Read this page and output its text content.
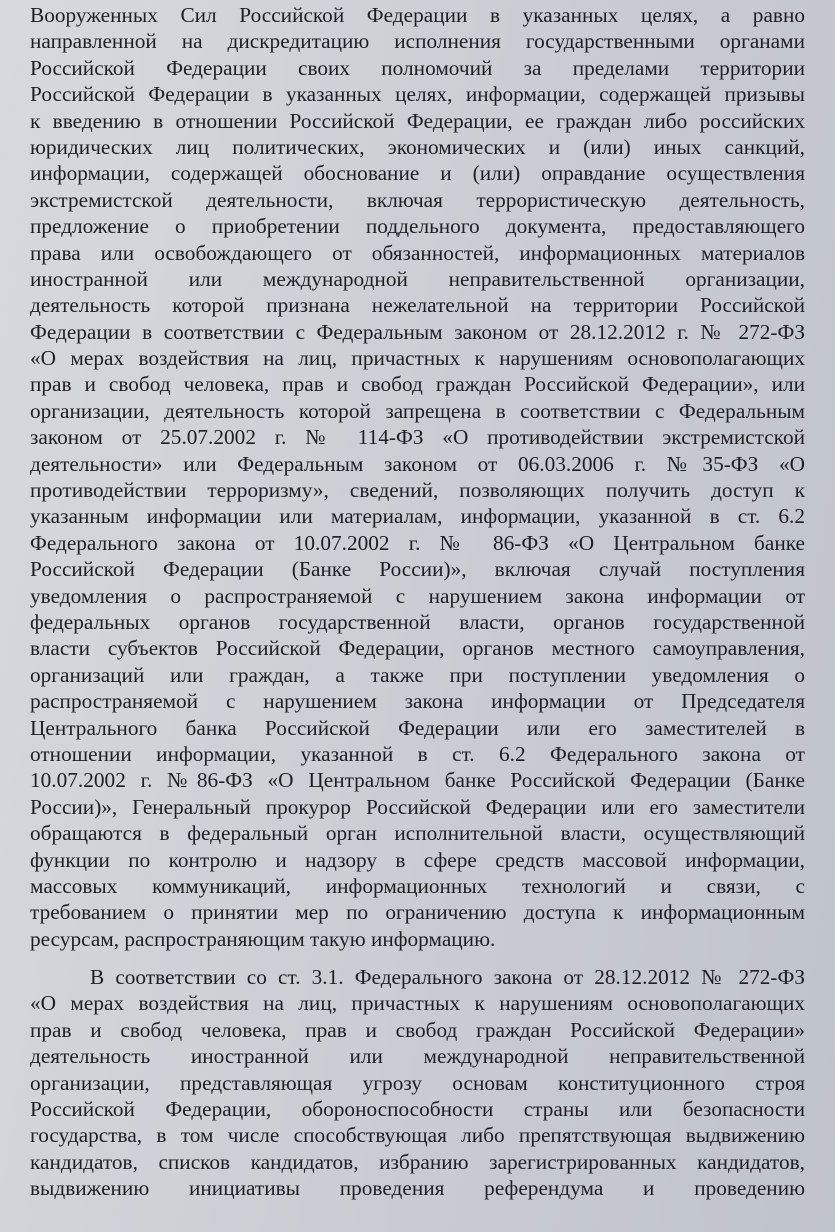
Вооруженных Сил Российской Федерации в указанных целях, а равно
направленной на дискредитацию исполнения государственными органами
Российской Федерации своих полномочий за пределами территории
Российской Федерации в указанных целях, информации, содержащей призывы
к введению в отношении Российской Федерации, ее граждан либо российских
юридических лиц политических, экономических и (или) иных санкций,
информации, содержащей обоснование и (или) оправдание осуществления
экстремистской деятельности, включая террористическую деятельность,
предложение о приобретении поддельного документа, предоставляющего
права или освобождающего от обязанностей, информационных материалов
иностранной или международной неправительственной организации,
деятельность которой признана нежелательной на территории Российской
Федерации в соответствии с Федеральным законом от 28.12.2012 г. № 272-ФЗ
«О мерах воздействия на лиц, причастных к нарушениям основополагающих
прав и свобод человека, прав и свобод граждан Российской Федерации», или
организации, деятельность которой запрещена в соответствии с Федеральным
законом от 25.07.2002 г. № 114-ФЗ «О противодействии экстремистской
деятельности» или Федеральным законом от 06.03.2006 г. №35-ФЗ «О
противодействии терроризму», сведений, позволяющих получить доступ к
указанным информации или материалам, информации, указанной в ст. 6.2
Федерального закона от 10.07.2002 г. № 86-ФЗ «О Центральном банке
Российской Федерации (Банке России)», включая случай поступления
уведомления о распространяемой с нарушением закона информации от
федеральных органов государственной власти, органов государственной
власти субъектов Российской Федерации, органов местного самоуправления,
организаций или граждан, а также при поступлении уведомления о
распространяемой с нарушением закона информации от Председателя
Центрального банка Российской Федерации или его заместителей в
отношении информации, указанной в ст. 6.2 Федерального закона от
10.07.2002 г. №86-ФЗ «О Центральном банке Российской Федерации (Банке
России)», Генеральный прокурор Российской Федерации или его заместители
обращаются в федеральный орган исполнительной власти, осуществляющий
функции по контролю и надзору в сфере средств массовой информации,
массовых коммуникаций, информационных технологий и связи, с
требованием о принятии мер по ограничению доступа к информационным
ресурсам, распространяющим такую информацию.
В соответствии со ст. 3.1. Федерального закона от 28.12.2012 № 272-ФЗ
«О мерах воздействия на лиц, причастных к нарушениям основополагающих
прав и свобод человека, прав и свобод граждан Российской Федерации»
деятельность иностранной или международной неправительственной
организации, представляющая угрозу основам конституционного строя
Российской Федерации, обороноспособности страны или безопасности
государства, в том числе способствующая либо препятствующая выдвижению
кандидатов, списков кандидатов, избранию зарегистрированных кандидатов,
выдвижению инициативы проведения референдума и проведению
